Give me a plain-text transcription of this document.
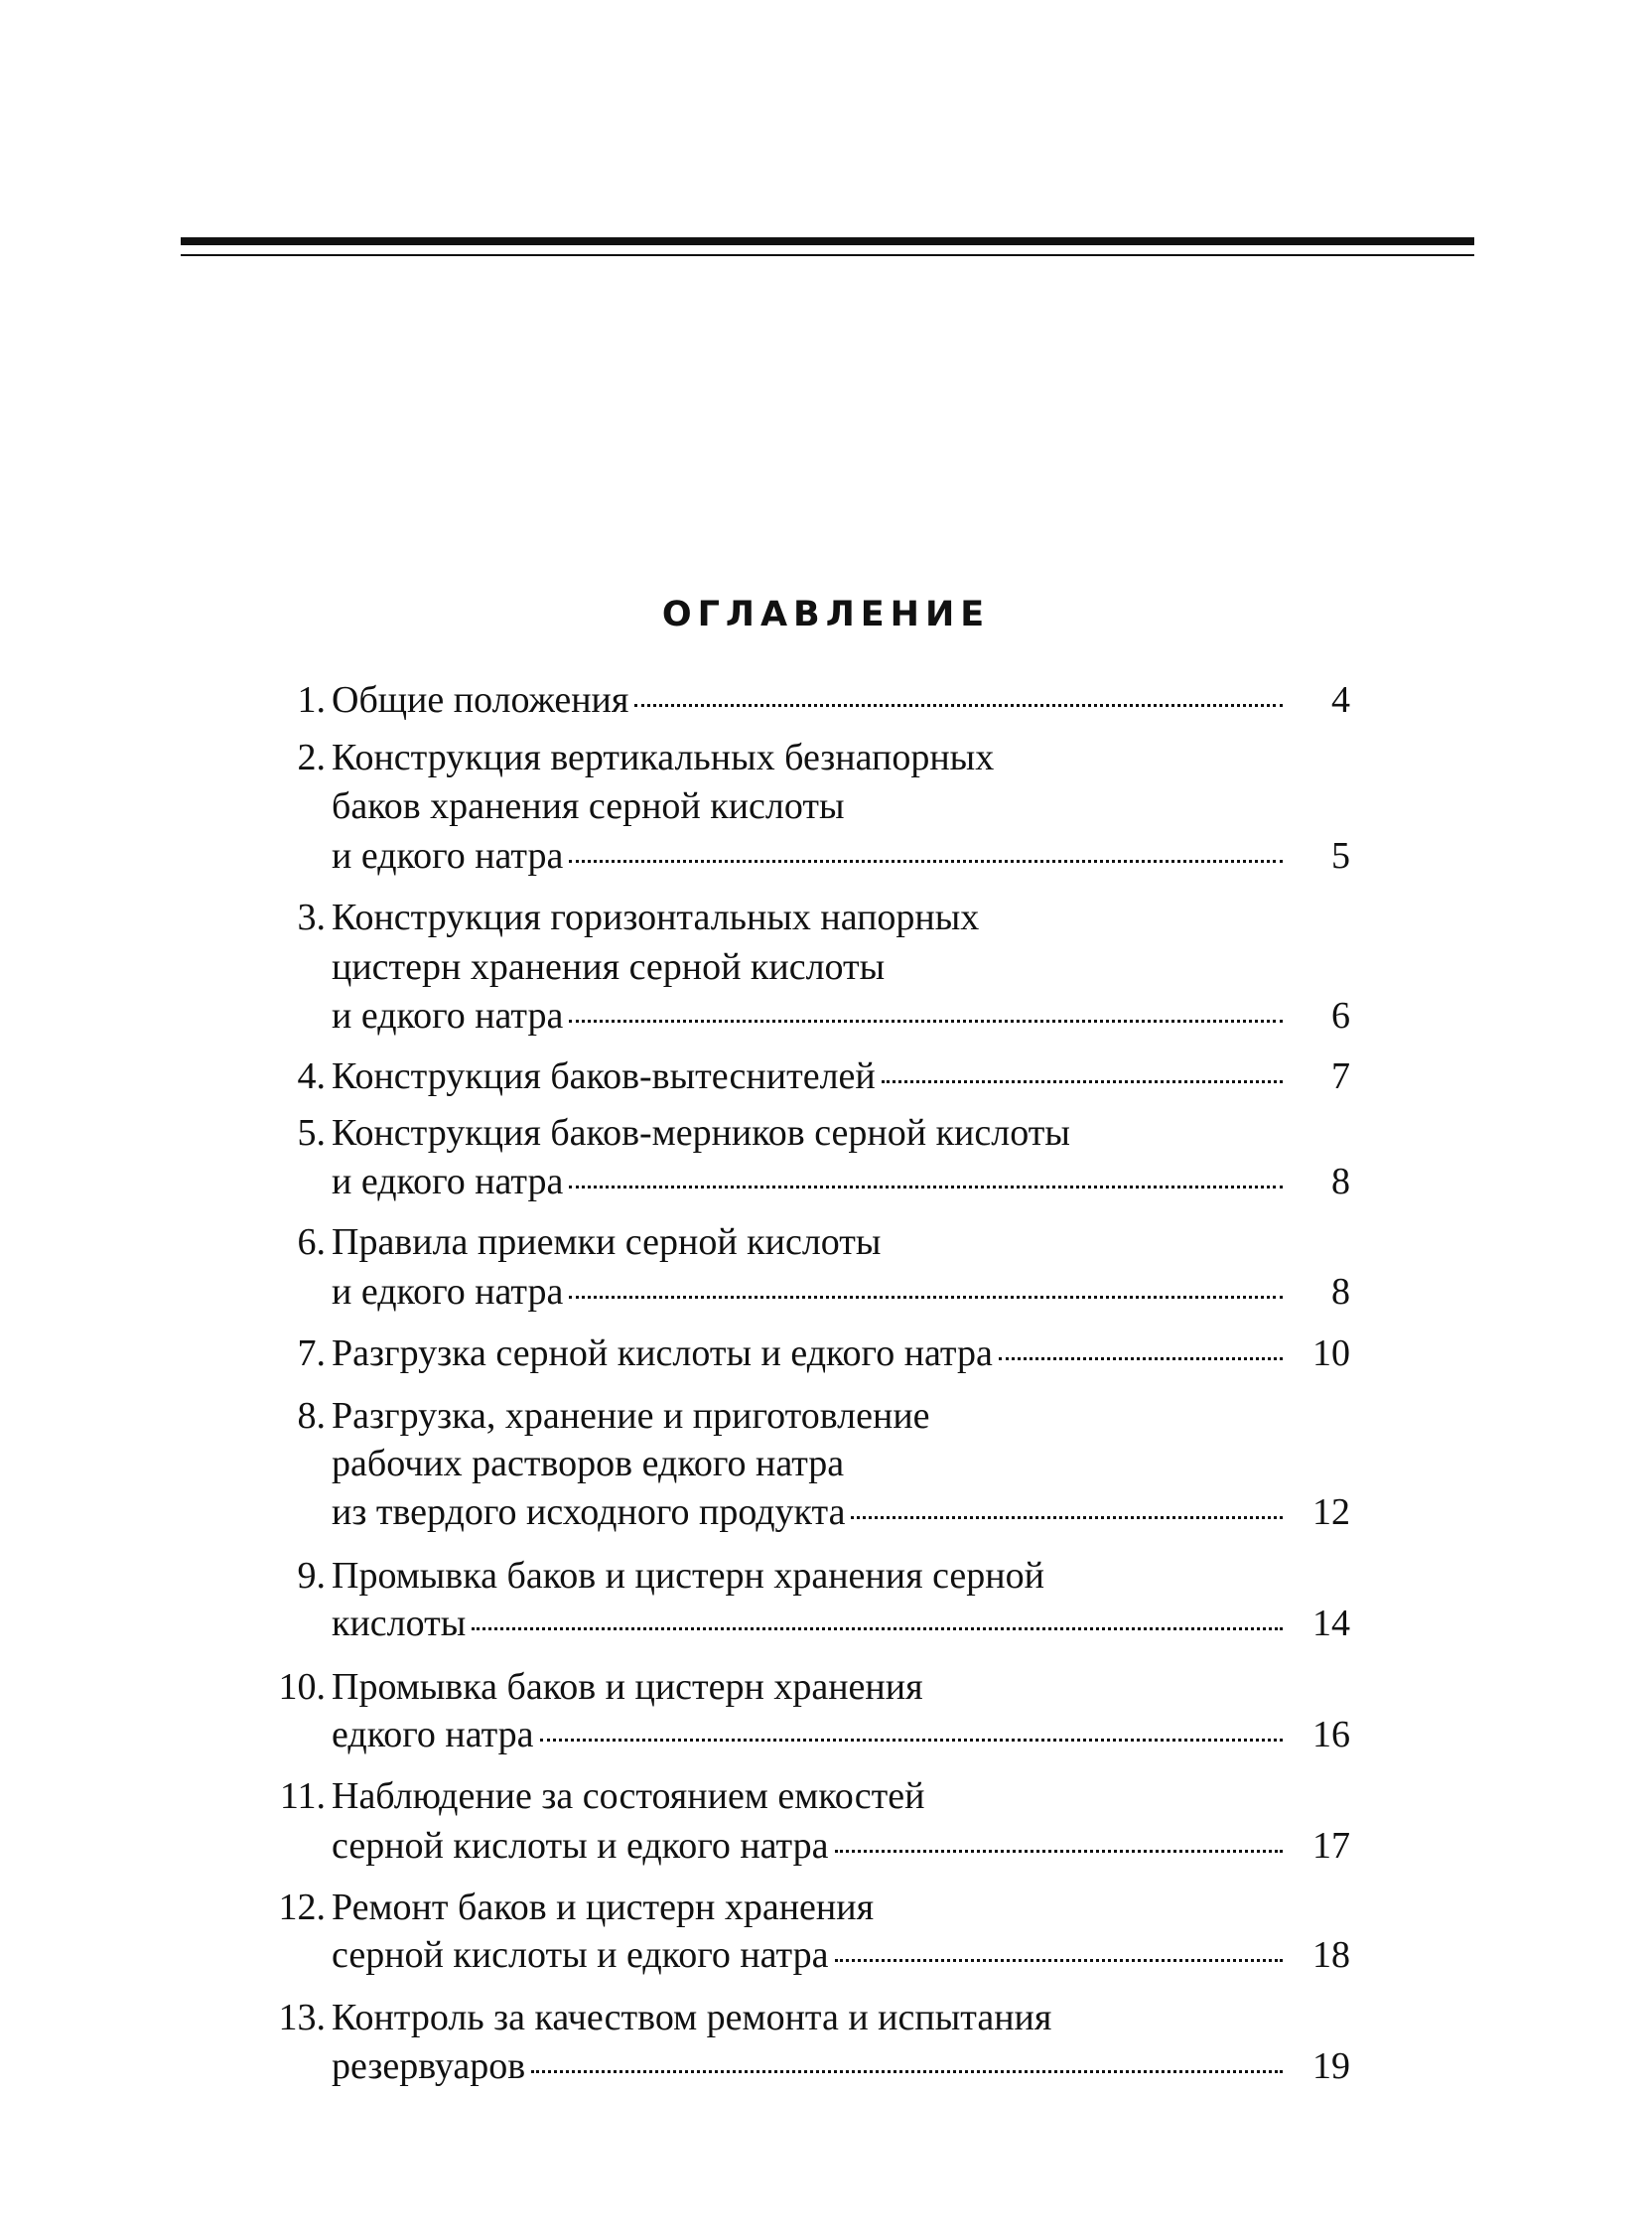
ОГЛАВЛЕНИЕ
1. Общие положения	4
2. Конструкция вертикальных безнапорных
баков хранения серной кислоты
и едкого натра	5
3. Конструкция горизонтальных напорных
цистерн хранения серной кислоты
и едкого натра	6
4. Конструкция баков-вытеснителей	7
5. Конструкция баков-мерников серной кислоты
и едкого натра	8
6. Правила приемки серной кислоты
и едкого натра	8
7. Разгрузка серной кислоты и едкого натра	10
8. Разгрузка, хранение и приготовление
рабочих растворов едкого натра
из твердого исходного продукта	12
9. Промывка баков и цистерн хранения серной
кислоты	14
10. Промывка баков и цистерн хранения
едкого натра	16
11. Наблюдение за состоянием емкостей
серной кислоты и едкого натра	17
12. Ремонт баков и цистерн хранения
серной кислоты и едкого натра	18
13. Контроль за качеством ремонта и испытания
резервуаров	19
